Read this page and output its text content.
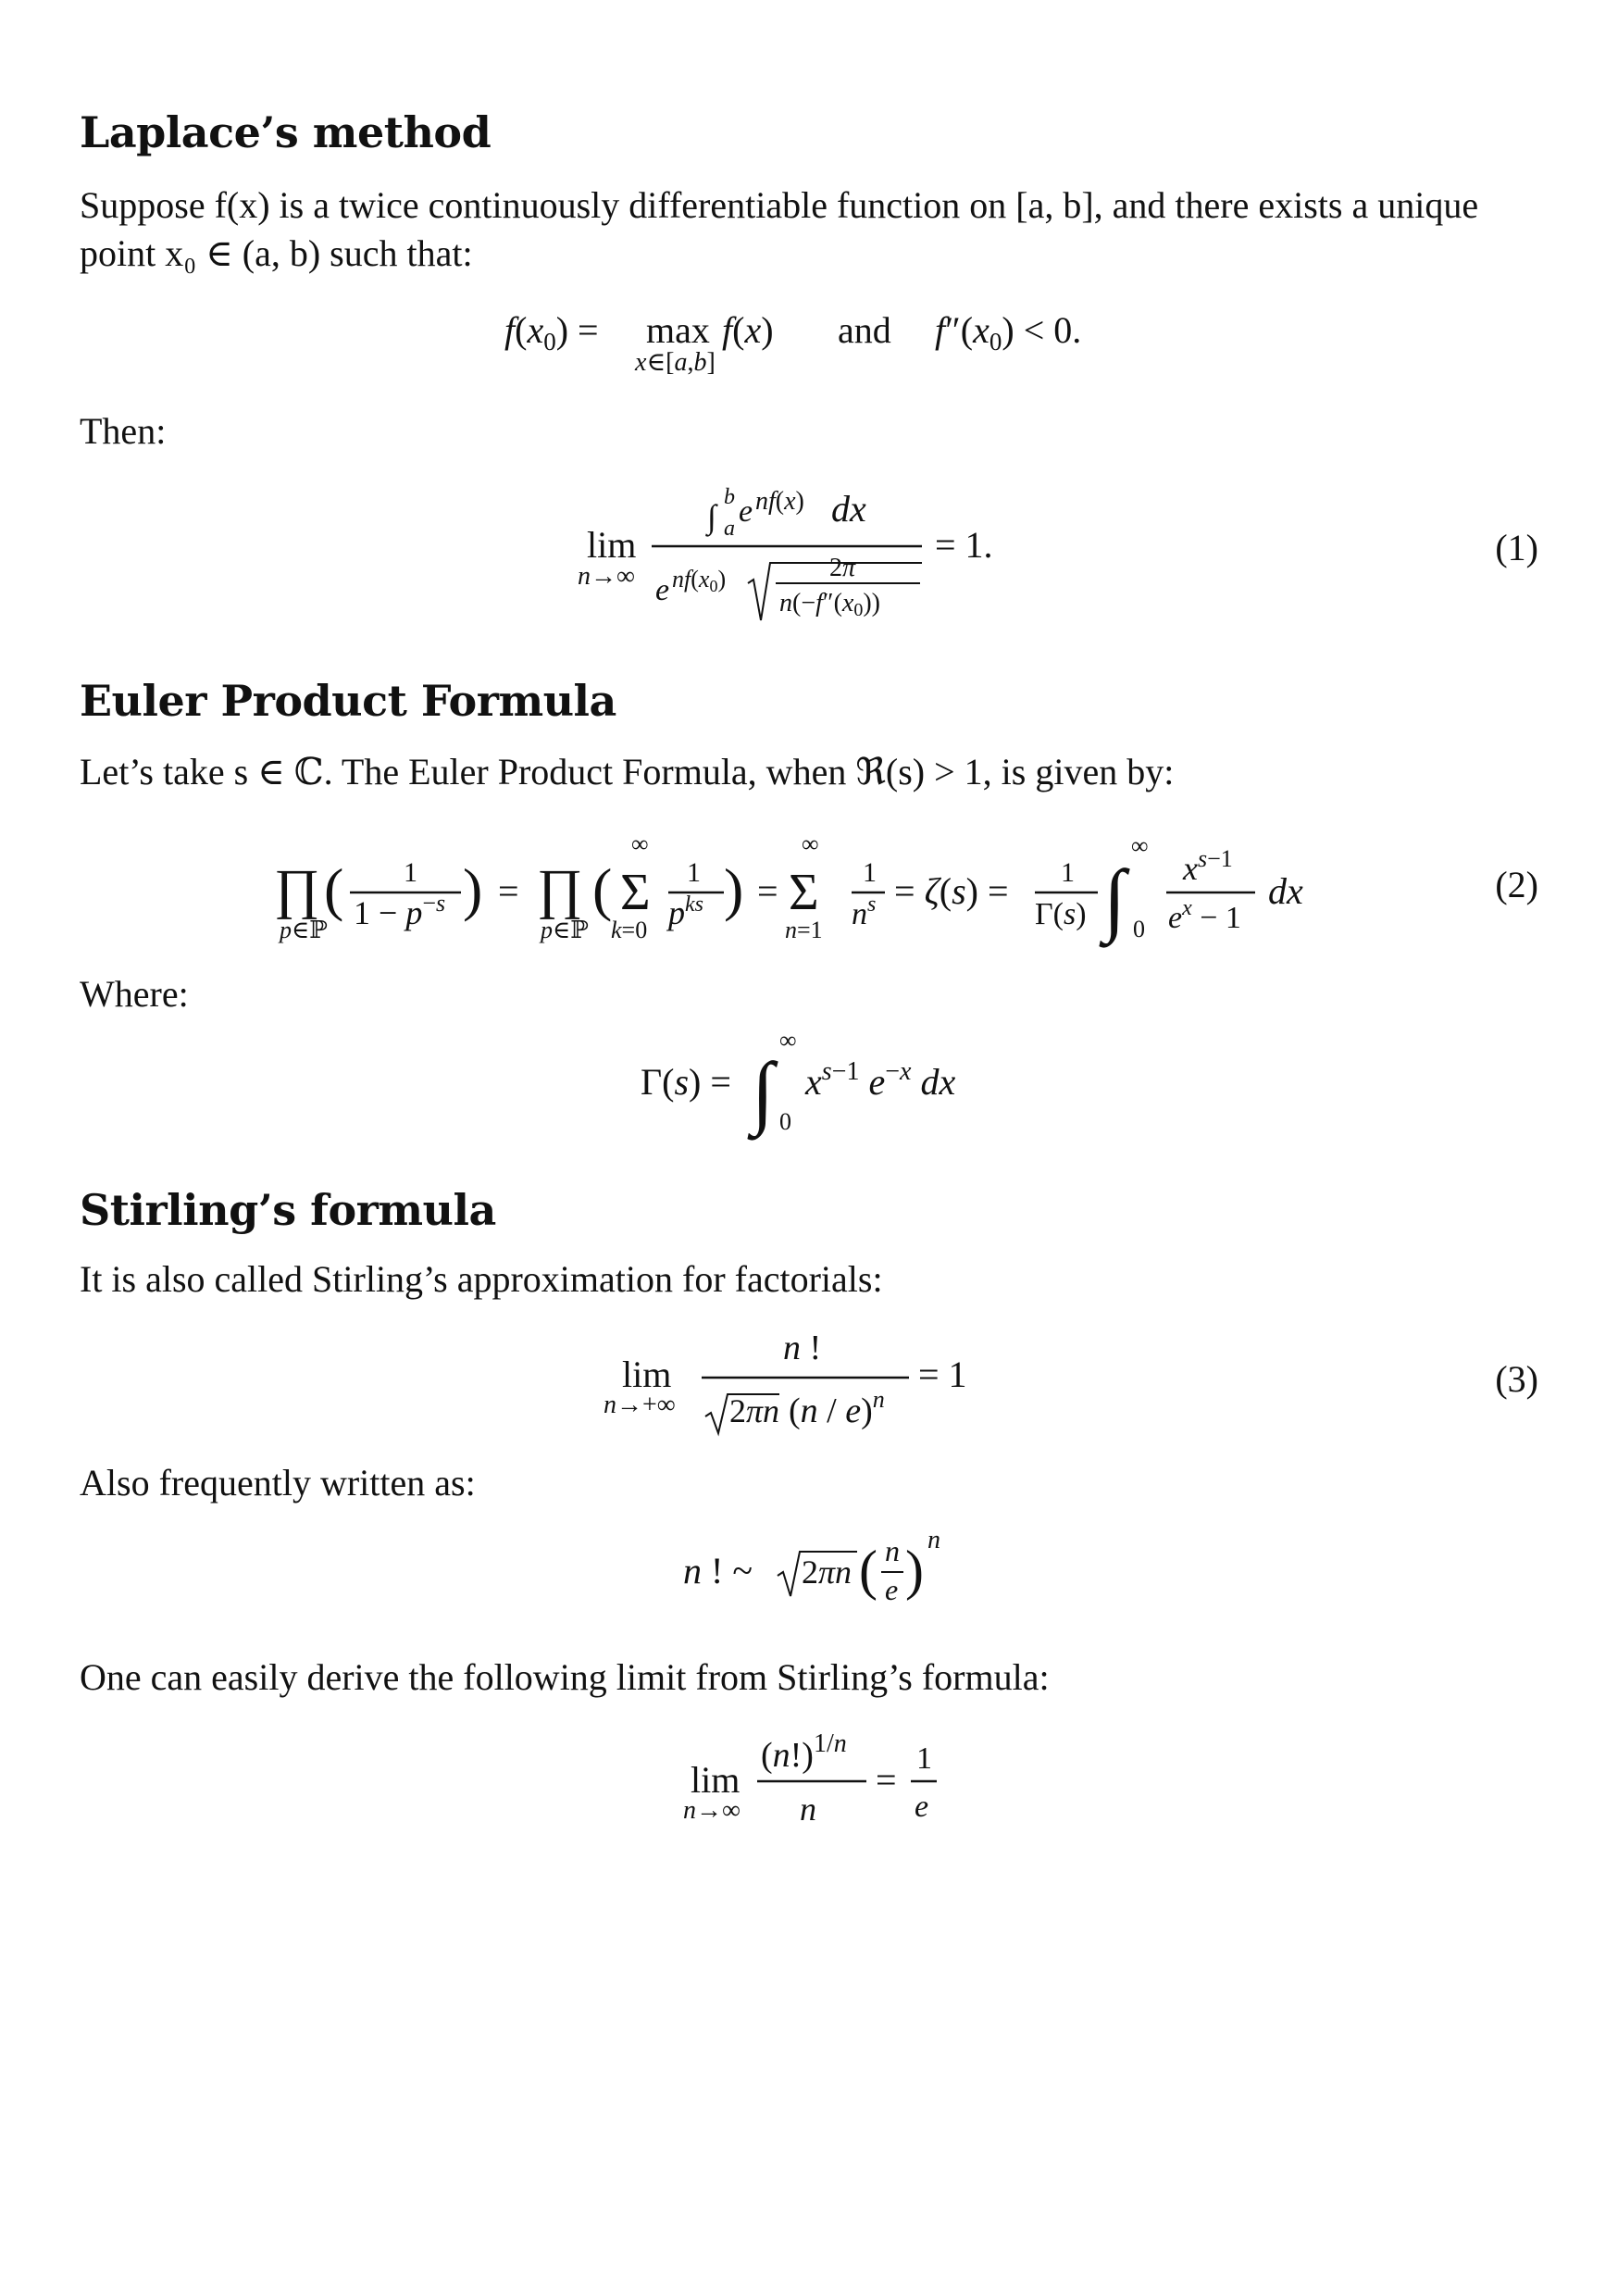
Laplace’s method

Suppose f(x) is a twice continuously differentiable function on [a, b], and there exists a unique

point x₀ ∈ (a, b) such that:

$f(x_0) = \max$
x∈[a,b]
f(x) and $f''(x_0) < 0$.

Then:

lim
n→∞
∫
b
a e nf(x) dx
e nf(x0)	2π
n(−f″(x0))
= 1.	(1)
Euler Product Formula

Let’s take s ∈ ℂ. The Euler Product Formula, when ℜ(s) > 1, is given by:

∏
p∈ℙ
( 1
$1 - p^{-s}$ ) = ∏
p∈ℙ
(
∞
Σ
k=0
1
$p^{ks}$ ) =
∞
Σ
n=1
1
$n^s = \zeta(s) = 1$
Γ(s) ∫
∞
0
$x^s-1$
$e^x - 1$
dx	(2)

Where:

Γ(s) = ∫
∞
0
$x^{s-1}$ $e^{-x}$ dx
Stirling’s formula

It is also called Stirling’s approximation for factorials:

lim
n→+∞
n !
2πn (n / e)$^n$
= 1	(3)

Also frequently written as:

n ! ~ 2πn ( n
e ) n

One can easily derive the following limit from Stirling’s formula:

lim
n→∞
$(n!)^{1/n}$
n
=
1
e
